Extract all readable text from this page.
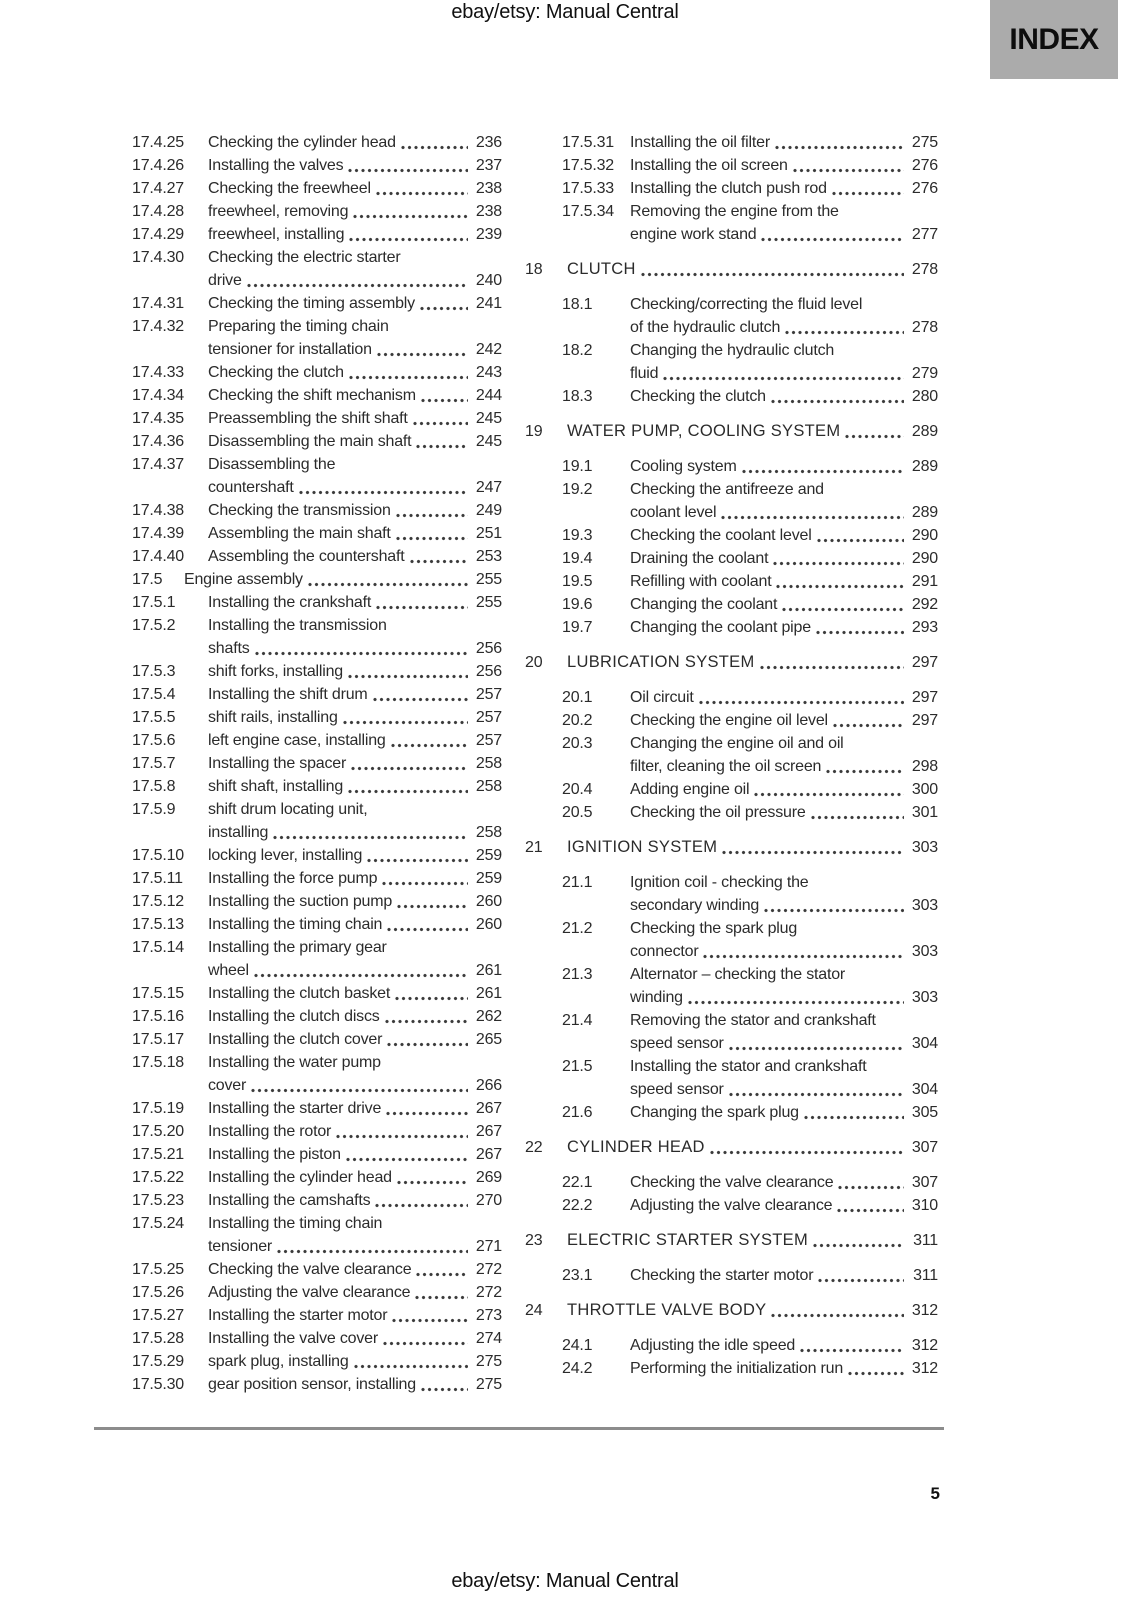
ebay/etsy: Manual Central
INDEX
17.4.25	Checking the cylinder head	236
17.4.26	Installing the valves	237
17.4.27	Checking the freewheel	238
17.4.28	freewheel, removing	238
17.4.29	freewheel, installing	239
17.4.30	Checking the electric starter
drive	240
17.4.31	Checking the timing assembly	241
17.4.32	Preparing the timing chain
tensioner for installation	242
17.4.33	Checking the clutch	243
17.4.34	Checking the shift mechanism	244
17.4.35	Preassembling the shift shaft	245
17.4.36	Disassembling the main shaft	245
17.4.37	Disassembling the
countershaft	247
17.4.38	Checking the transmission	249
17.4.39	Assembling the main shaft	251
17.4.40	Assembling the countershaft	253
17.5	Engine assembly	255
17.5.1	Installing the crankshaft	255
17.5.2	Installing the transmission
shafts	256
17.5.3	shift forks, installing	256
17.5.4	Installing the shift drum	257
17.5.5	shift rails, installing	257
17.5.6	left engine case, installing	257
17.5.7	Installing the spacer	258
17.5.8	shift shaft, installing	258
17.5.9	shift drum locating unit,
installing	258
17.5.10	locking lever, installing	259
17.5.11	Installing the force pump	259
17.5.12	Installing the suction pump	260
17.5.13	Installing the timing chain	260
17.5.14	Installing the primary gear
wheel	261
17.5.15	Installing the clutch basket	261
17.5.16	Installing the clutch discs	262
17.5.17	Installing the clutch cover	265
17.5.18	Installing the water pump
cover	266
17.5.19	Installing the starter drive	267
17.5.20	Installing the rotor	267
17.5.21	Installing the piston	267
17.5.22	Installing the cylinder head	269
17.5.23	Installing the camshafts	270
17.5.24	Installing the timing chain
tensioner	271
17.5.25	Checking the valve clearance	272
17.5.26	Adjusting the valve clearance	272
17.5.27	Installing the starter motor	273
17.5.28	Installing the valve cover	274
17.5.29	spark plug, installing	275
17.5.30	gear position sensor, installing	275
17.5.31	Installing the oil filter	275
17.5.32	Installing the oil screen	276
17.5.33	Installing the clutch push rod	276
17.5.34	Removing the engine from the
engine work stand	277
18	CLUTCH	278
18.1	Checking/correcting the fluid level
of the hydraulic clutch	278
18.2	Changing the hydraulic clutch
fluid	279
18.3	Checking the clutch	280
19	WATER PUMP, COOLING SYSTEM	289
19.1	Cooling system	289
19.2	Checking the antifreeze and
coolant level	289
19.3	Checking the coolant level	290
19.4	Draining the coolant	290
19.5	Refilling with coolant	291
19.6	Changing the coolant	292
19.7	Changing the coolant pipe	293
20	LUBRICATION SYSTEM	297
20.1	Oil circuit	297
20.2	Checking the engine oil level	297
20.3	Changing the engine oil and oil
filter, cleaning the oil screen	298
20.4	Adding engine oil	300
20.5	Checking the oil pressure	301
21	IGNITION SYSTEM	303
21.1	Ignition coil - checking the
secondary winding	303
21.2	Checking the spark plug
connector	303
21.3	Alternator – checking the stator
winding	303
21.4	Removing the stator and crankshaft
speed sensor	304
21.5	Installing the stator and crankshaft
speed sensor	304
21.6	Changing the spark plug	305
22	CYLINDER HEAD	307
22.1	Checking the valve clearance	307
22.2	Adjusting the valve clearance	310
23	ELECTRIC STARTER SYSTEM	311
23.1	Checking the starter motor	311
24	THROTTLE VALVE BODY	312
24.1	Adjusting the idle speed	312
24.2	Performing the initialization run	312
5
ebay/etsy: Manual Central
